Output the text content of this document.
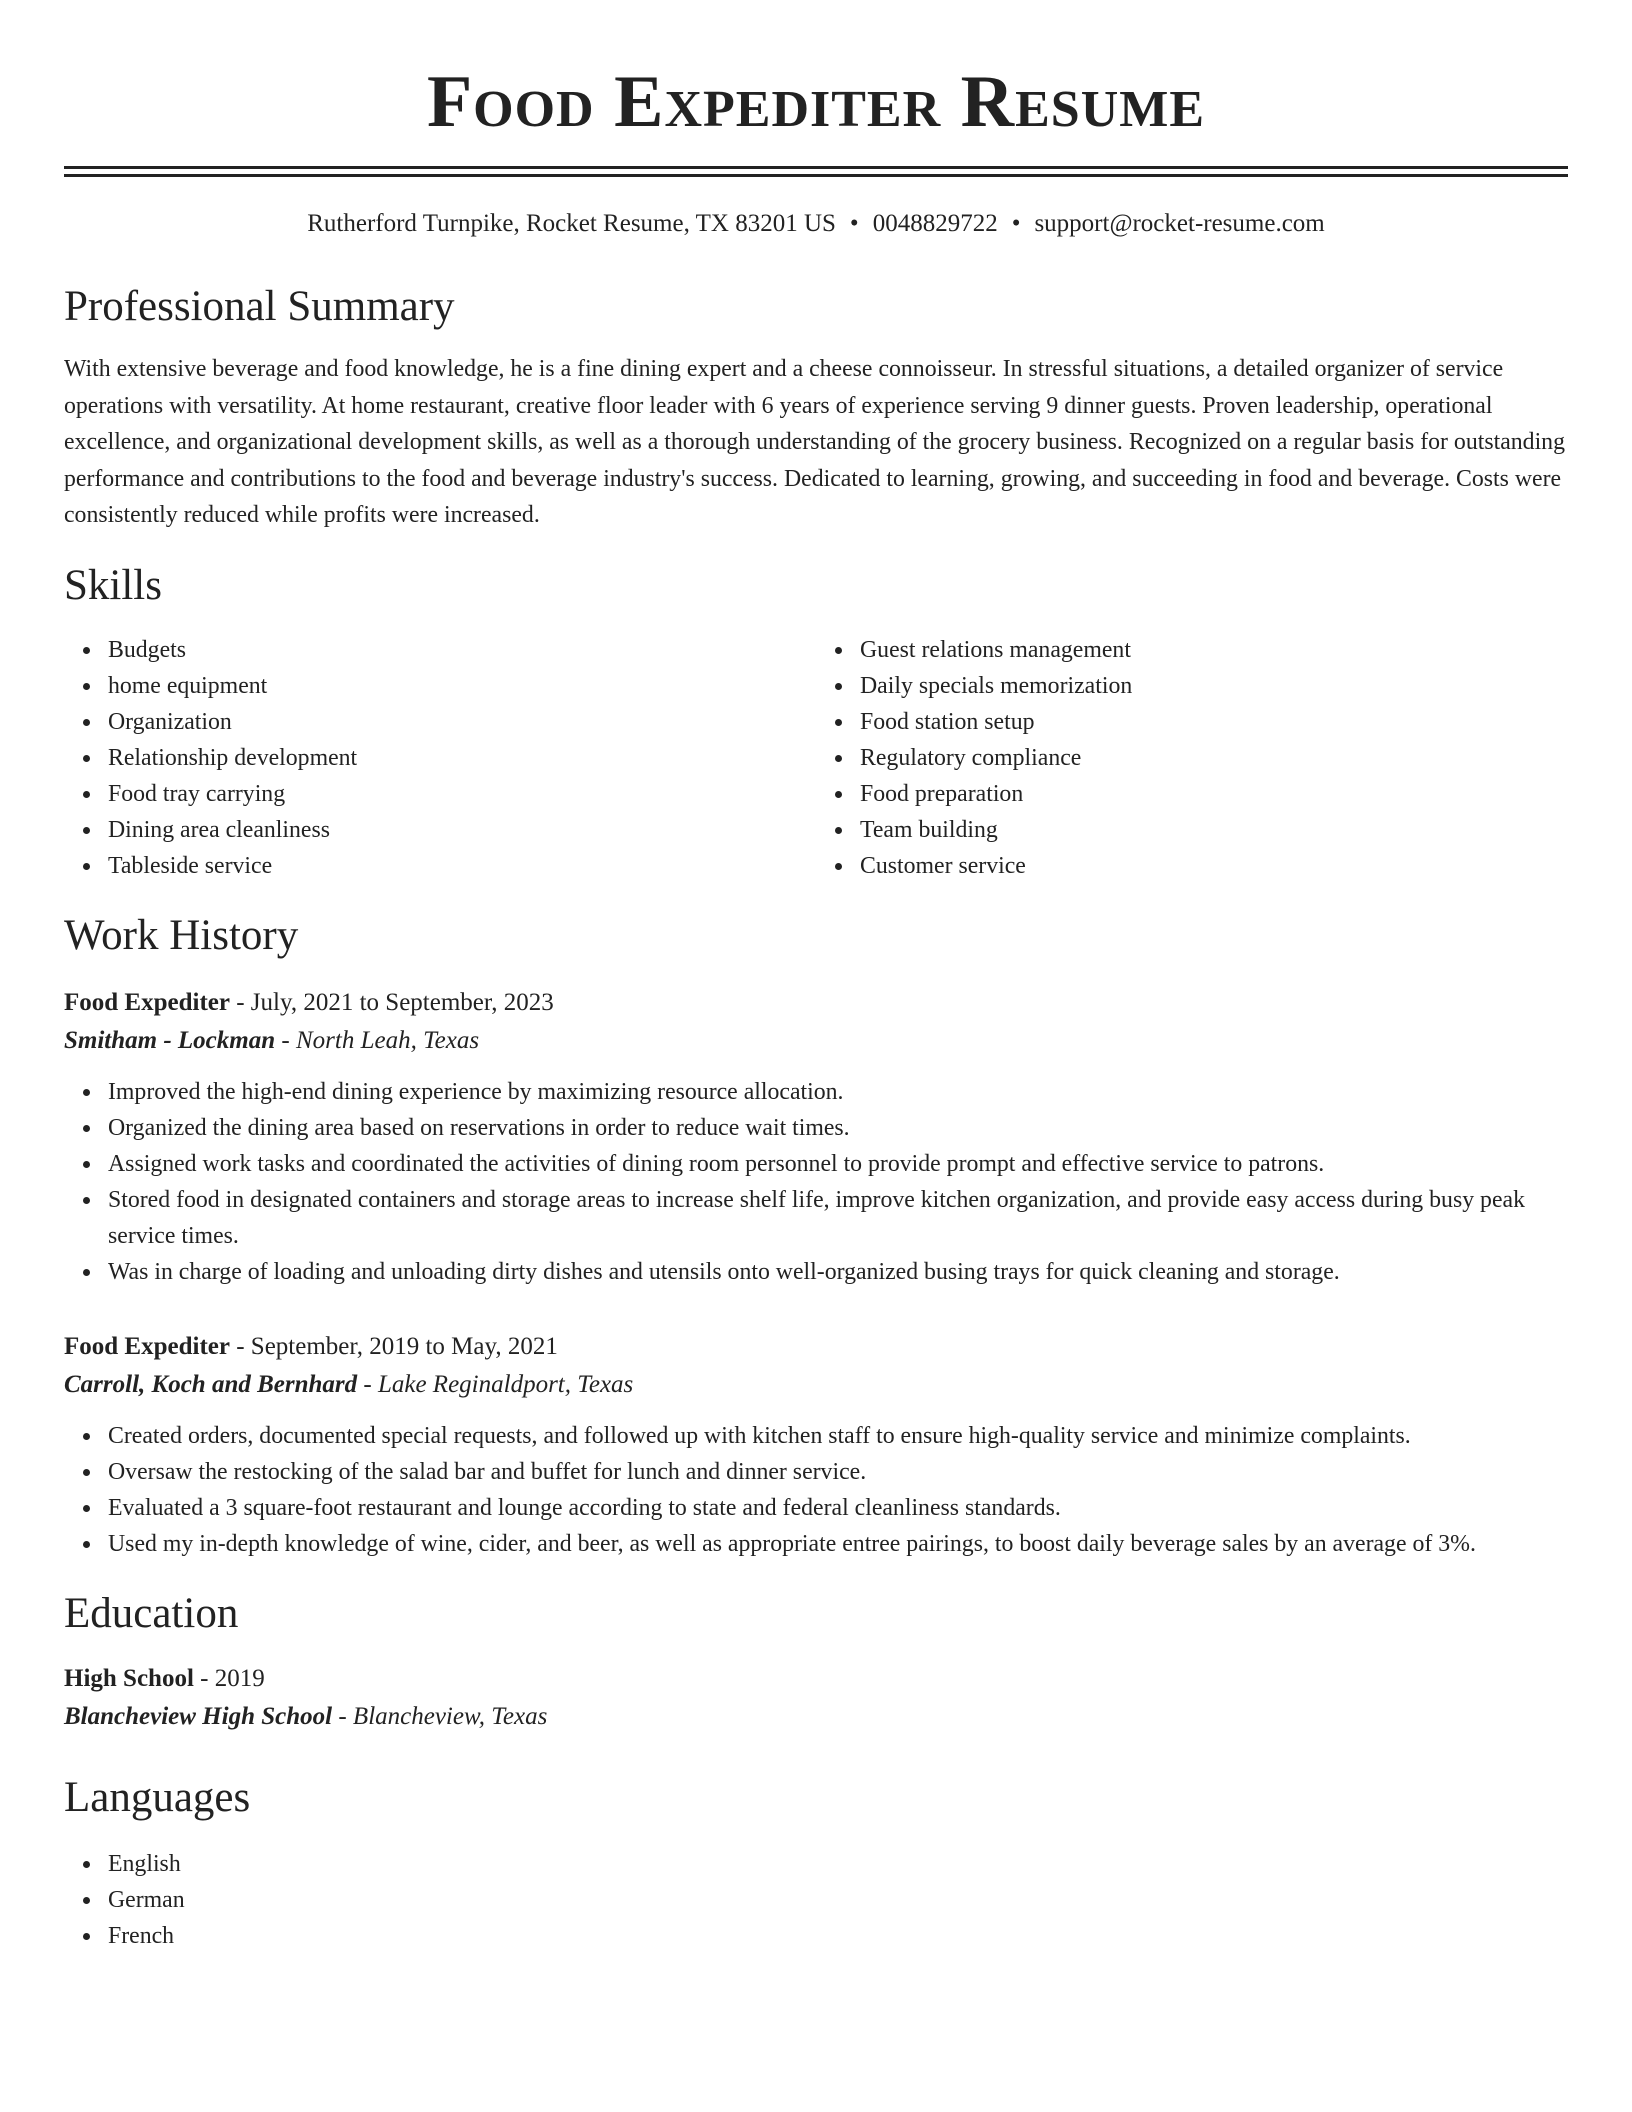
Food Expediter Resume
Rutherford Turnpike, Rocket Resume, TX 83201 US • 0048829722 • support@rocket-resume.com
Professional Summary

With extensive beverage and food knowledge, he is a fine dining expert and a cheese connoisseur. In stressful situations, a detailed organizer of service operations with versatility. At home restaurant, creative floor leader with 6 years of experience serving 9 dinner guests. Proven leadership, operational excellence, and organizational development skills, as well as a thorough understanding of the grocery business. Recognized on a regular basis for outstanding performance and contributions to the food and beverage industry's success. Dedicated to learning, growing, and succeeding in food and beverage. Costs were consistently reduced while profits were increased.

Skills
Budgets
home equipment
Organization
Relationship development
Food tray carrying
Dining area cleanliness
Tableside service
Guest relations management
Daily specials memorization
Food station setup
Regulatory compliance
Food preparation
Team building
Customer service
Work History
Food Expediter - July, 2021 to September, 2023
Smitham - Lockman - North Leah, Texas
Improved the high-end dining experience by maximizing resource allocation.
Organized the dining area based on reservations in order to reduce wait times.
Assigned work tasks and coordinated the activities of dining room personnel to provide prompt and effective service to patrons.
Stored food in designated containers and storage areas to increase shelf life, improve kitchen organization, and provide easy access during busy peak service times.
Was in charge of loading and unloading dirty dishes and utensils onto well-organized busing trays for quick cleaning and storage.
Food Expediter - September, 2019 to May, 2021
Carroll, Koch and Bernhard - Lake Reginaldport, Texas
Created orders, documented special requests, and followed up with kitchen staff to ensure high-quality service and minimize complaints.
Oversaw the restocking of the salad bar and buffet for lunch and dinner service.
Evaluated a 3 square-foot restaurant and lounge according to state and federal cleanliness standards.
Used my in-depth knowledge of wine, cider, and beer, as well as appropriate entree pairings, to boost daily beverage sales by an average of 3%.
Education
High School - 2019
Blancheview High School - Blancheview, Texas
Languages
English
German
French
